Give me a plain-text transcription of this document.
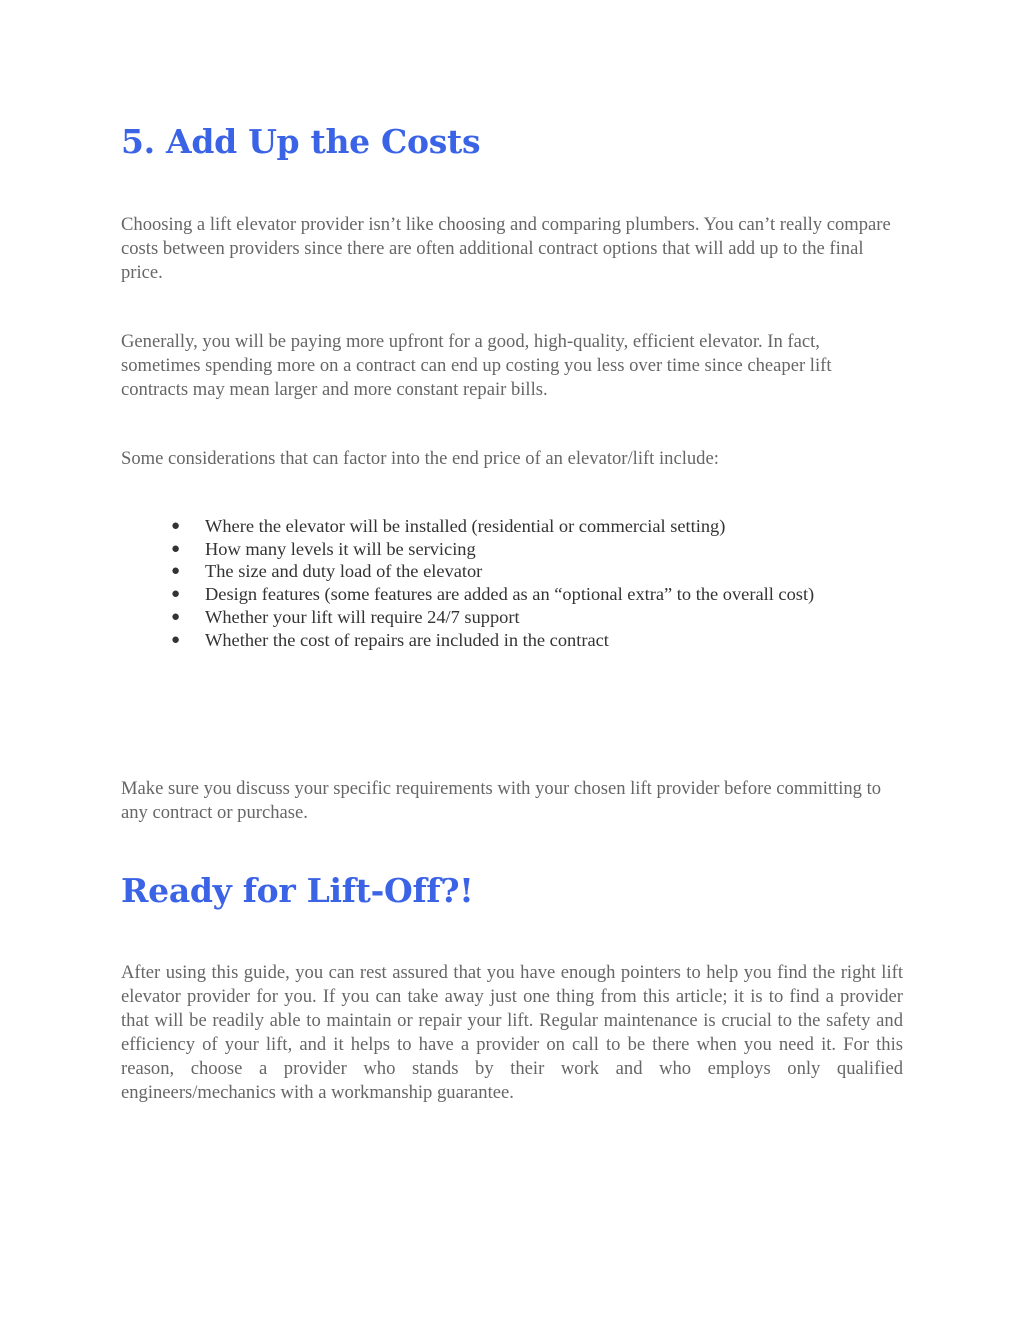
5. Add Up the Costs

Choosing a lift elevator provider isn’t like choosing and comparing plumbers. You can’t really compare costs between providers since there are often additional contract options that will add up to the final price.

Generally, you will be paying more upfront for a good, high-quality, efficient elevator. In fact, sometimes spending more on a contract can end up costing you less over time since cheaper lift contracts may mean larger and more constant repair bills.

Some considerations that can factor into the end price of an elevator/lift include:

● Where the elevator will be installed (residential or commercial setting)
● How many levels it will be servicing
● The size and duty load of the elevator
● Design features (some features are added as an “optional extra” to the overall cost)
● Whether your lift will require 24/7 support
● Whether the cost of repairs are included in the contract

Make sure you discuss your specific requirements with your chosen lift provider before committing to any contract or purchase.

Ready for Lift-Off?!

After using this guide, you can rest assured that you have enough pointers to help you find the right lift elevator provider for you. If you can take away just one thing from this article; it is to find a provider that will be readily able to maintain or repair your lift. Regular maintenance is crucial to the safety and efficiency of your lift, and it helps to have a provider on call to be there when you need it. For this reason, choose a provider who stands by their work and who employs only qualified engineers/mechanics with a workmanship guarantee.
